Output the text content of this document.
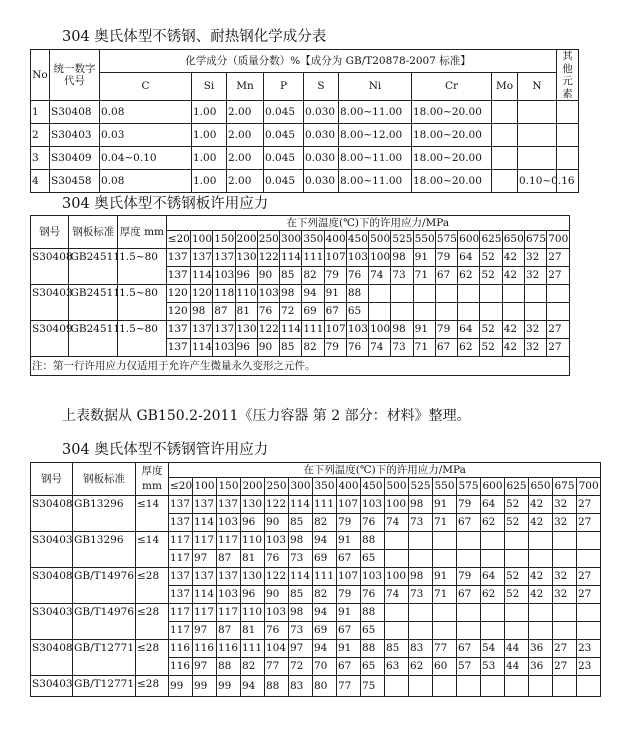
304 奥氏体型不锈钢、耐热钢化学成分表
No	统一数字代号	化学成分（质量分数）%【成分为 GB/T20878-2007 标准】									其他元素
		C	Si	Mn	P	S	Ni	Cr	Mo	N	
1	S30408	0.08	1.00	2.00	0.045	0.030	8.00~11.00	18.00~20.00			
2	S30403	0.03	1.00	2.00	0.045	0.030	8.00~12.00	18.00~20.00			
3	S30409	0.04~0.10	1.00	2.00	0.045	0.030	8.00~11.00	18.00~20.00			
4	S30458	0.08	1.00	2.00	0.045	0.030	8.00~11.00	18.00~20.00		0.10~0.16	
304 奥氏体型不锈钢板许用应力
钢号	钢板标准	厚度 mm	在下列温度(℃)下的许用应力/MPa																	
			≤20	100	150	200	250	300	350	400	450	500	525	550	575	600	625	650	675	700
S30408	GB24511	1.5~80	137	137	137	130	122	114	111	107	103	100	98	91	79	64	52	42	32	27
			137	114	103	96	90	85	82	79	76	74	73	71	67	62	52	42	32	27
S30403	GB24511	1.5~80	120	120	118	110	103	98	94	91	88									
			120	98	87	81	76	72	69	67	65									
S30409	GB24511	1.5~80	137	137	137	130	122	114	111	107	103	100	98	91	79	64	52	42	32	27
			137	114	103	96	90	85	82	79	76	74	73	71	67	62	52	42	32	27
注：第一行许用应力仅适用于允许产生微量永久变形之元件。																				
上表数据从 GB150.2-2011《压力容器 第 2 部分：材料》整理。
304 奥氏体型不锈钢管许用应力
钢号	钢板标准	厚度
mm	在下列温度(℃)下的许用应力/MPa																	
			≤20	100	150	200	250	300	350	400	450	500	525	550	575	600	625	650	675	700
S30408	GB13296	≤14	137	137	137	130	122	114	111	107	103	100	98	91	79	64	52	42	32	27
			137	114	103	96	90	85	82	79	76	74	73	71	67	62	52	42	32	27
S30403	GB13296	≤14	117	117	117	110	103	98	94	91	88									
			117	97	87	81	76	73	69	67	65									
S30408	GB/T14976	≤28	137	137	137	130	122	114	111	107	103	100	98	91	79	64	52	42	32	27
			137	114	103	96	90	85	82	79	76	74	73	71	67	62	52	42	32	27
S30403	GB/T14976	≤28	117	117	117	110	103	98	94	91	88									
			117	97	87	81	76	73	69	67	65									
S30408	GB/T12771	≤28	116	116	116	111	104	97	94	91	88	85	83	77	67	54	44	36	27	23
			116	97	88	82	77	72	70	67	65	63	62	60	57	53	44	36	27	23
S30403	GB/T12771	≤28	99	99	99	94	88	83	80	77	75									
